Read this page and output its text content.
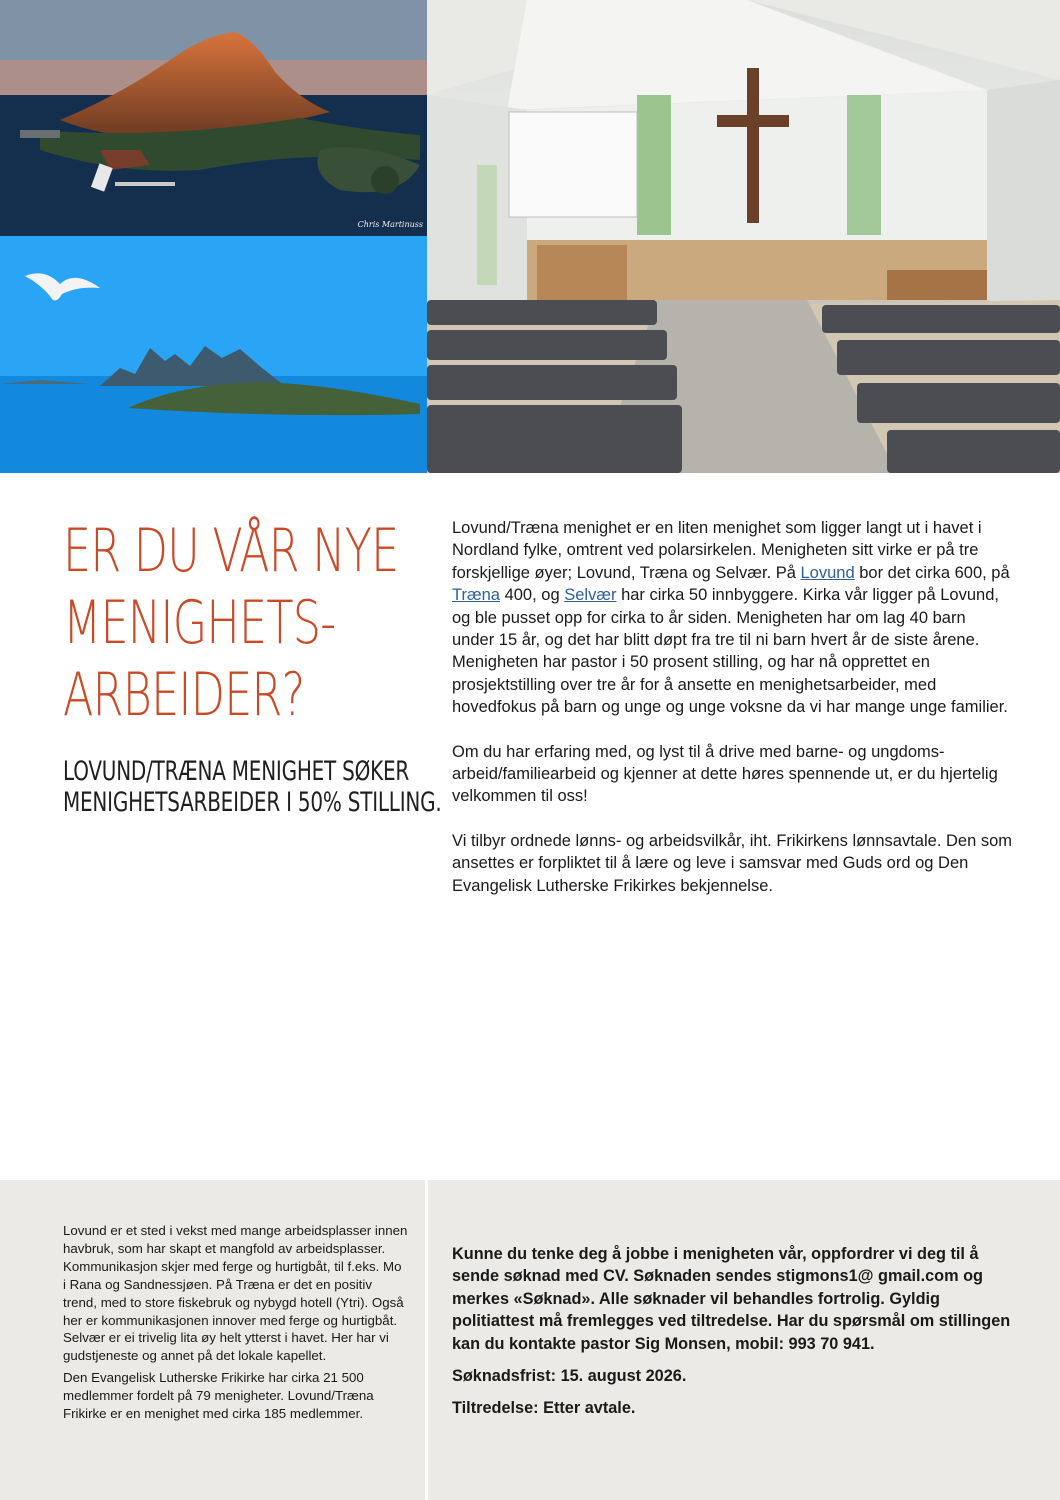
Chris Martinuss
ER DU VÅR NYE
MENIGHETS-
ARBEIDER?
LOVUND/TRÆNA MENIGHET SØKER
MENIGHETSARBEIDER I 50% STILLING.

Lovund/Træna menighet er en liten menighet som ligger langt ut i havet i Nordland fylke, omtrent ved polarsirkelen. Menigheten sitt virke er på tre forskjellige øyer; Lovund, Træna og Selvær. På Lovund bor det cirka 600, på Træna 400, og Selvær har cirka 50 innbyggere. Kirka vår ligger på Lovund, og ble pusset opp for cirka to år siden. Menigheten har om lag 40 barn under 15 år, og det har blitt døpt fra tre til ni barn hvert år de siste årene. Menigheten har pastor i 50 prosent stilling, og har nå opprettet en prosjektstilling over tre år for å ansette en menighetsarbeider, med hovedfokus på barn og unge og unge voksne da vi har mange unge familier.

Om du har erfaring med, og lyst til å drive med barne- og ungdoms-arbeid/familiearbeid og kjenner at dette høres spennende ut, er du hjertelig velkommen til oss!

Vi tilbyr ordnede lønns- og arbeidsvilkår, iht. Frikirkens lønnsavtale. Den som ansettes er forpliktet til å lære og leve i samsvar med Guds ord og Den Evangelisk Lutherske Frikirkes bekjennelse.

Lovund er et sted i vekst med mange arbeidsplasser innen havbruk, som har skapt et mangfold av arbeidsplasser. Kommunikasjon skjer med ferge og hurtigbåt, til f.eks. Mo i Rana og Sandnessjøen. På Træna er det en positiv trend, med to store fiskebruk og nybygd hotell (Ytri). Også her er kommunikasjonen innover med ferge og hurtigbåt. Selvær er ei trivelig lita øy helt ytterst i havet. Her har vi gudstjeneste og annet på det lokale kapellet.

Den Evangelisk Lutherske Frikirke har cirka 21 500 medlemmer fordelt på 79 menigheter. Lovund/Træna Frikirke er en menighet med cirka 185 medlemmer.

Kunne du tenke deg å jobbe i menigheten vår, oppfordrer vi deg til å sende søknad med CV. Søknaden sendes stigmons1@ gmail.com og merkes «Søknad». Alle søknader vil behandles fortrolig. Gyldig politiattest må fremlegges ved tiltredelse. Har du spørsmål om stillingen kan du kontakte pastor Sig Monsen, mobil: 993 70 941.

Søknadsfrist: 15. august 2026.

Tiltredelse: Etter avtale.
